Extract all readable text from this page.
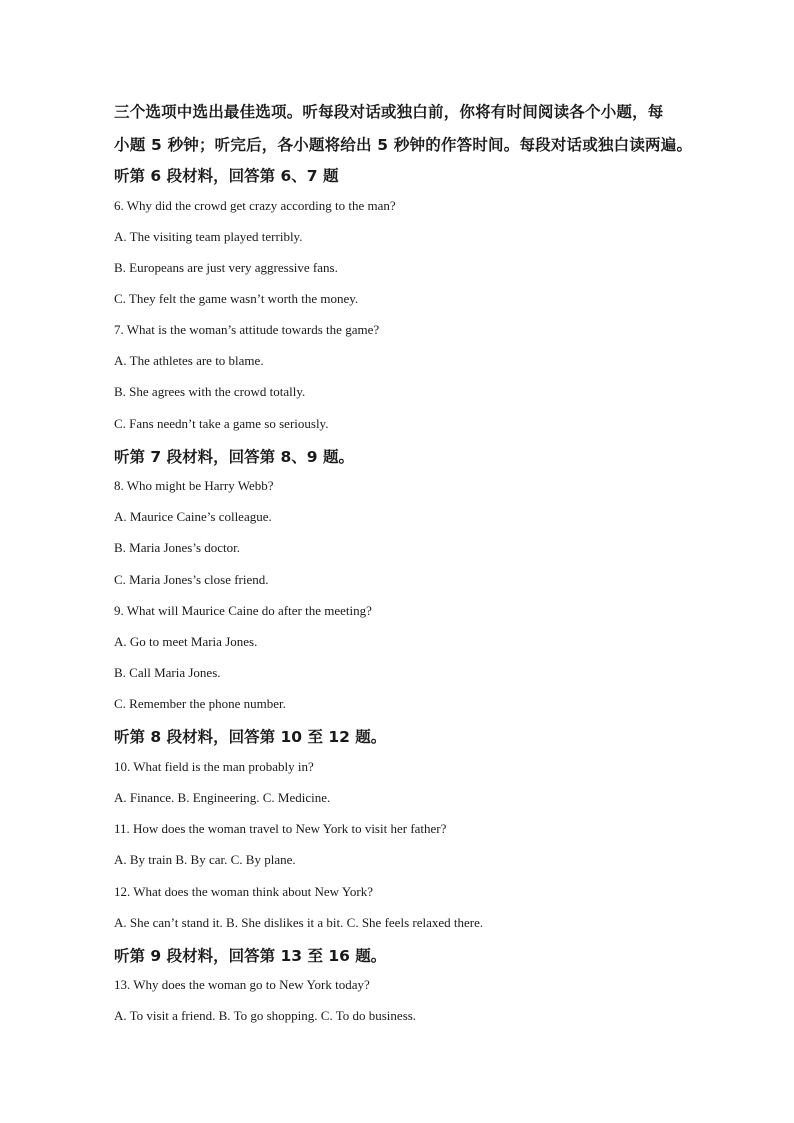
三个选项中选出最佳选项。听每段对话或独白前，你将有时间阅读各个小题，每
小题 5 秒钟；听完后，各小题将给出 5 秒钟的作答时间。每段对话或独白读两遍。
听第 6 段材料，回答第 6、7 题
6. Why did the crowd get crazy according to the man?
A. The visiting team played terribly.
B. Europeans are just very aggressive fans.
C. They felt the game wasn’t worth the money.
7. What is the woman’s attitude towards the game?
A. The athletes are to blame.
B. She agrees with the crowd totally.
C. Fans needn’t take a game so seriously.
听第 7 段材料，回答第 8、9 题。
8. Who might be Harry Webb?
A. Maurice Caine’s colleague.
B. Maria Jones’s doctor.
C. Maria Jones’s close friend.
9. What will Maurice Caine do after the meeting?
A. Go to meet Maria Jones.
B. Call Maria Jones.
C. Remember the phone number.
听第 8 段材料，回答第 10 至 12 题。
10. What field is the man probably in?
A. Finance. B. Engineering. C. Medicine.
11. How does the woman travel to New York to visit her father?
A. By train B. By car. C. By plane.
12. What does the woman think about New York?
A. She can’t stand it. B. She dislikes it a bit. C. She feels relaxed there.
听第 9 段材料，回答第 13 至 16 题。
13. Why does the woman go to New York today?
A. To visit a friend. B. To go shopping. C. To do business.
